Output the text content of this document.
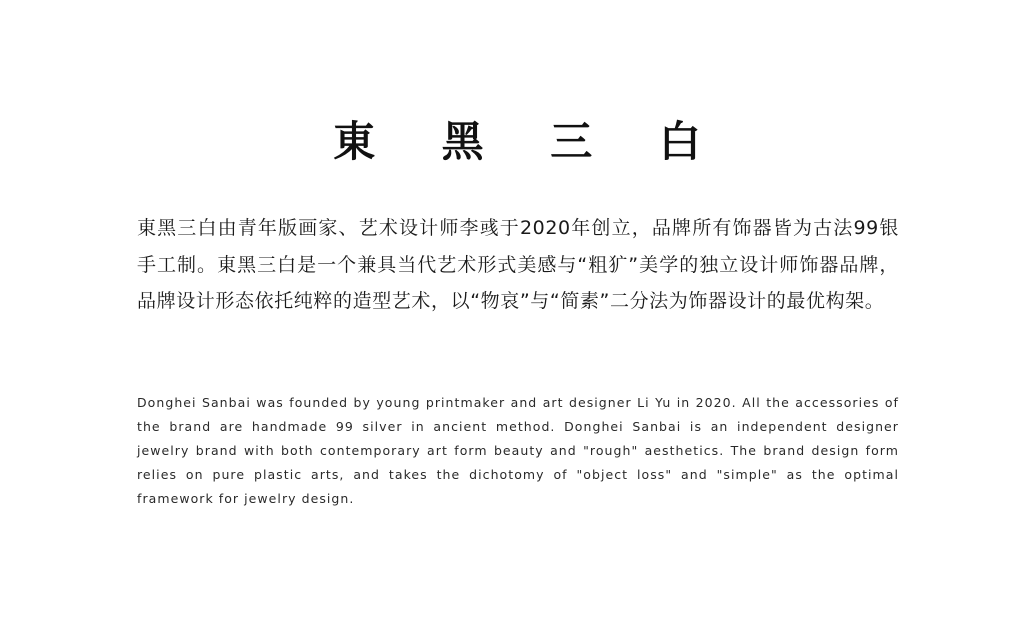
東 黑 三 白

東黑三白由青年版画家、艺术设计师李彧于2020年创立，品牌所有饰器皆为古法99银手工制。東黑三白是一个兼具当代艺术形式美感与“粗犷”美学的独立设计师饰器品牌，品牌设计形态依托纯粹的造型艺术，以“物哀”与“简素”二分法为饰器设计的最优构架。

Donghei Sanbai was founded by young printmaker and art designer Li Yu in 2020. All the accessories of the brand are handmade 99 silver in ancient method. Donghei Sanbai is an independent designer jewelry brand with both contemporary art form beauty and "rough" aesthetics. The brand design form relies on pure plastic arts, and takes the dichotomy of "object loss" and "simple" as the optimal framework for jewelry design.
